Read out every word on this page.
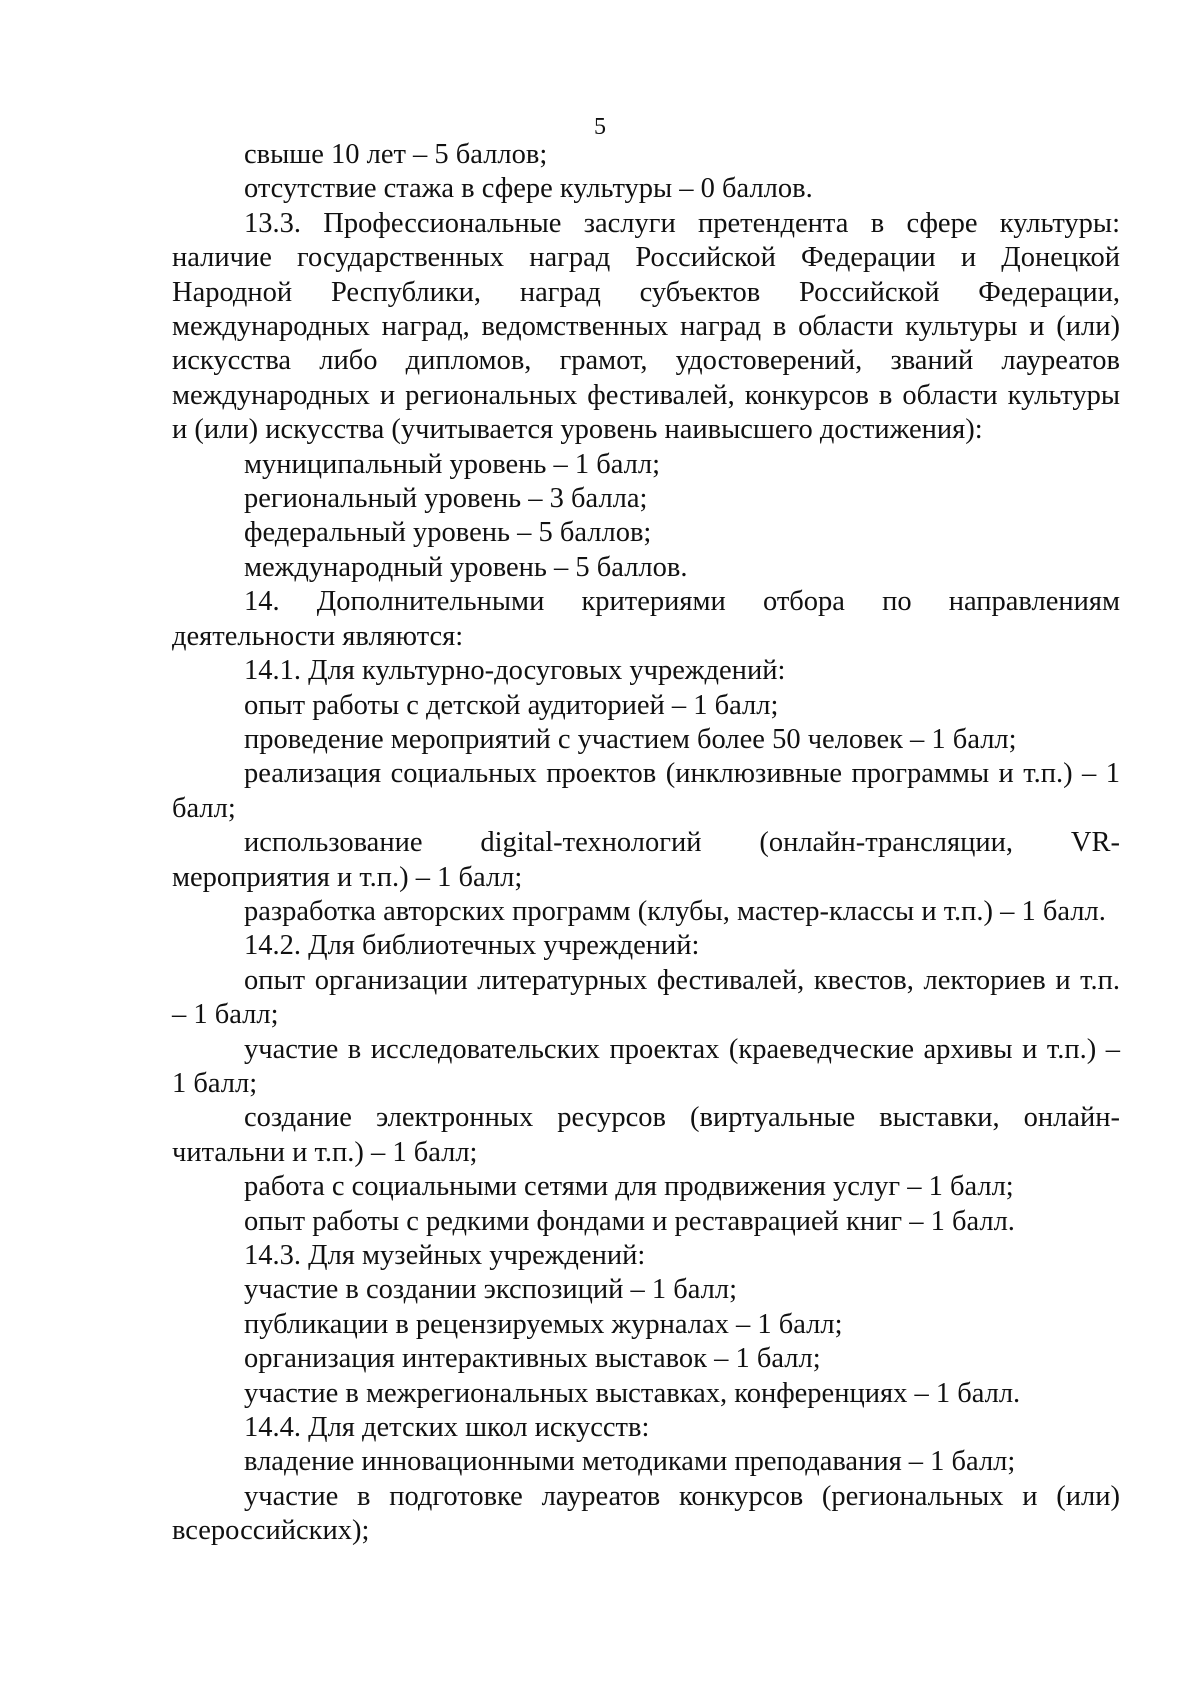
5

свыше 10 лет – 5 баллов;

отсутствие стажа в сфере культуры – 0 баллов.

13.3. Профессиональные заслуги претендента в сфере культуры: наличие государственных наград Российской Федерации и Донецкой Народной Республики, наград субъектов Российской Федерации, международных наград, ведомственных наград в области культуры и (или) искусства либо дипломов, грамот, удостоверений, званий лауреатов международных и региональных фестивалей, конкурсов в области культуры и (или) искусства (учитывается уровень наивысшего достижения):

муниципальный уровень – 1 балл;

региональный уровень – 3 балла;

федеральный уровень – 5 баллов;

международный уровень – 5 баллов.

14. Дополнительными критериями отбора по направлениям деятельности являются:

14.1. Для культурно-досуговых учреждений:

опыт работы с детской аудиторией – 1 балл;

проведение мероприятий с участием более 50 человек – 1 балл;

реализация социальных проектов (инклюзивные программы и т.п.) – 1 балл;

использование digital-технологий (онлайн-трансляции, VR-мероприятия и т.п.) – 1 балл;

разработка авторских программ (клубы, мастер-классы и т.п.) – 1 балл.

14.2. Для библиотечных учреждений:

опыт организации литературных фестивалей, квестов, лекториев и т.п. – 1 балл;

участие в исследовательских проектах (краеведческие архивы и т.п.) – 1 балл;

создание электронных ресурсов (виртуальные выставки, онлайн-читальни и т.п.) – 1 балл;

работа с социальными сетями для продвижения услуг – 1 балл;

опыт работы с редкими фондами и реставрацией книг – 1 балл.

14.3. Для музейных учреждений:

участие в создании экспозиций – 1 балл;

публикации в рецензируемых журналах – 1 балл;

организация интерактивных выставок – 1 балл;

участие в межрегиональных выставках, конференциях – 1 балл.

14.4. Для детских школ искусств:

владение инновационными методиками преподавания – 1 балл;

участие в подготовке лауреатов конкурсов (региональных и (или) всероссийских);
